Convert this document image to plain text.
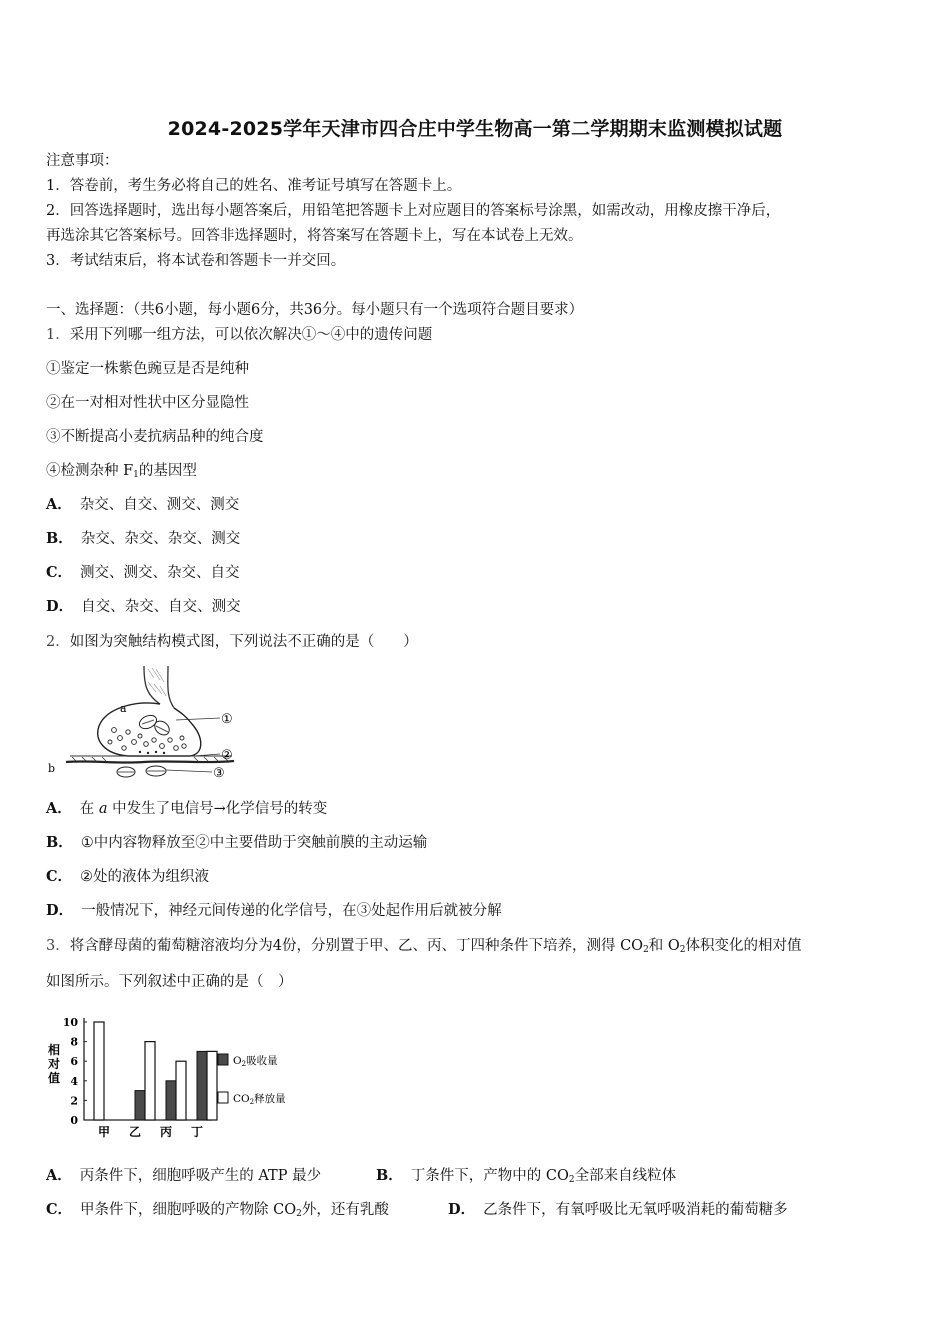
2024-2025学年天津市四合庄中学生物高一第二学期期末监测模拟试题
注意事项：
1．答卷前，考生务必将自己的姓名、准考证号填写在答题卡上。
2．回答选择题时，选出每小题答案后，用铅笔把答题卡上对应题目的答案标号涂黑，如需改动，用橡皮擦干净后，
再选涂其它答案标号。回答非选择题时，将答案写在答题卡上，写在本试卷上无效。
3．考试结束后，将本试卷和答题卡一并交回。
一、选择题：（共6小题，每小题6分，共36分。每小题只有一个选项符合题目要求）
1．采用下列哪一组方法，可以依次解决①～④中的遗传问题
①鉴定一株紫色豌豆是否是纯种
②在一对相对性状中区分显隐性
③不断提高小麦抗病品种的纯合度
④检测杂种 $F_1$的基因型
A． 杂交、自交、测交、测交
B． 杂交、杂交、杂交、测交
C． 测交、测交、杂交、自交
D． 自交、杂交、自交、测交
2．如图为突触结构模式图，下列说法不正确的是（　　）
a
b
①
②
③
A． 在 a 中发生了电信号→化学信号的转变
B． ①中内容物释放至②中主要借助于突触前膜的主动运输
C． ②处的液体为组织液
D． 一般情况下，神经元间传递的化学信号，在③处起作用后就被分解
3．将含酵母菌的葡萄糖溶液均分为4份，分别置于甲、乙、丙、丁四种条件下培养，测得 $CO_2$和 $O_2$体积变化的相对值
如图所示。下列叙述中正确的是（　）
0
2
4
6
8
10
相
对
值
甲 乙 丙 丁
O2吸收量
CO2释放量
A． 丙条件下，细胞呼吸产生的 ATP 最少	B． 丁条件下，产物中的 $CO_2$全部来自线粒体
C． 甲条件下，细胞呼吸的产物除 $CO_2$外，还有乳酸	D． 乙条件下，有氧呼吸比无氧呼吸消耗的葡萄糖多
